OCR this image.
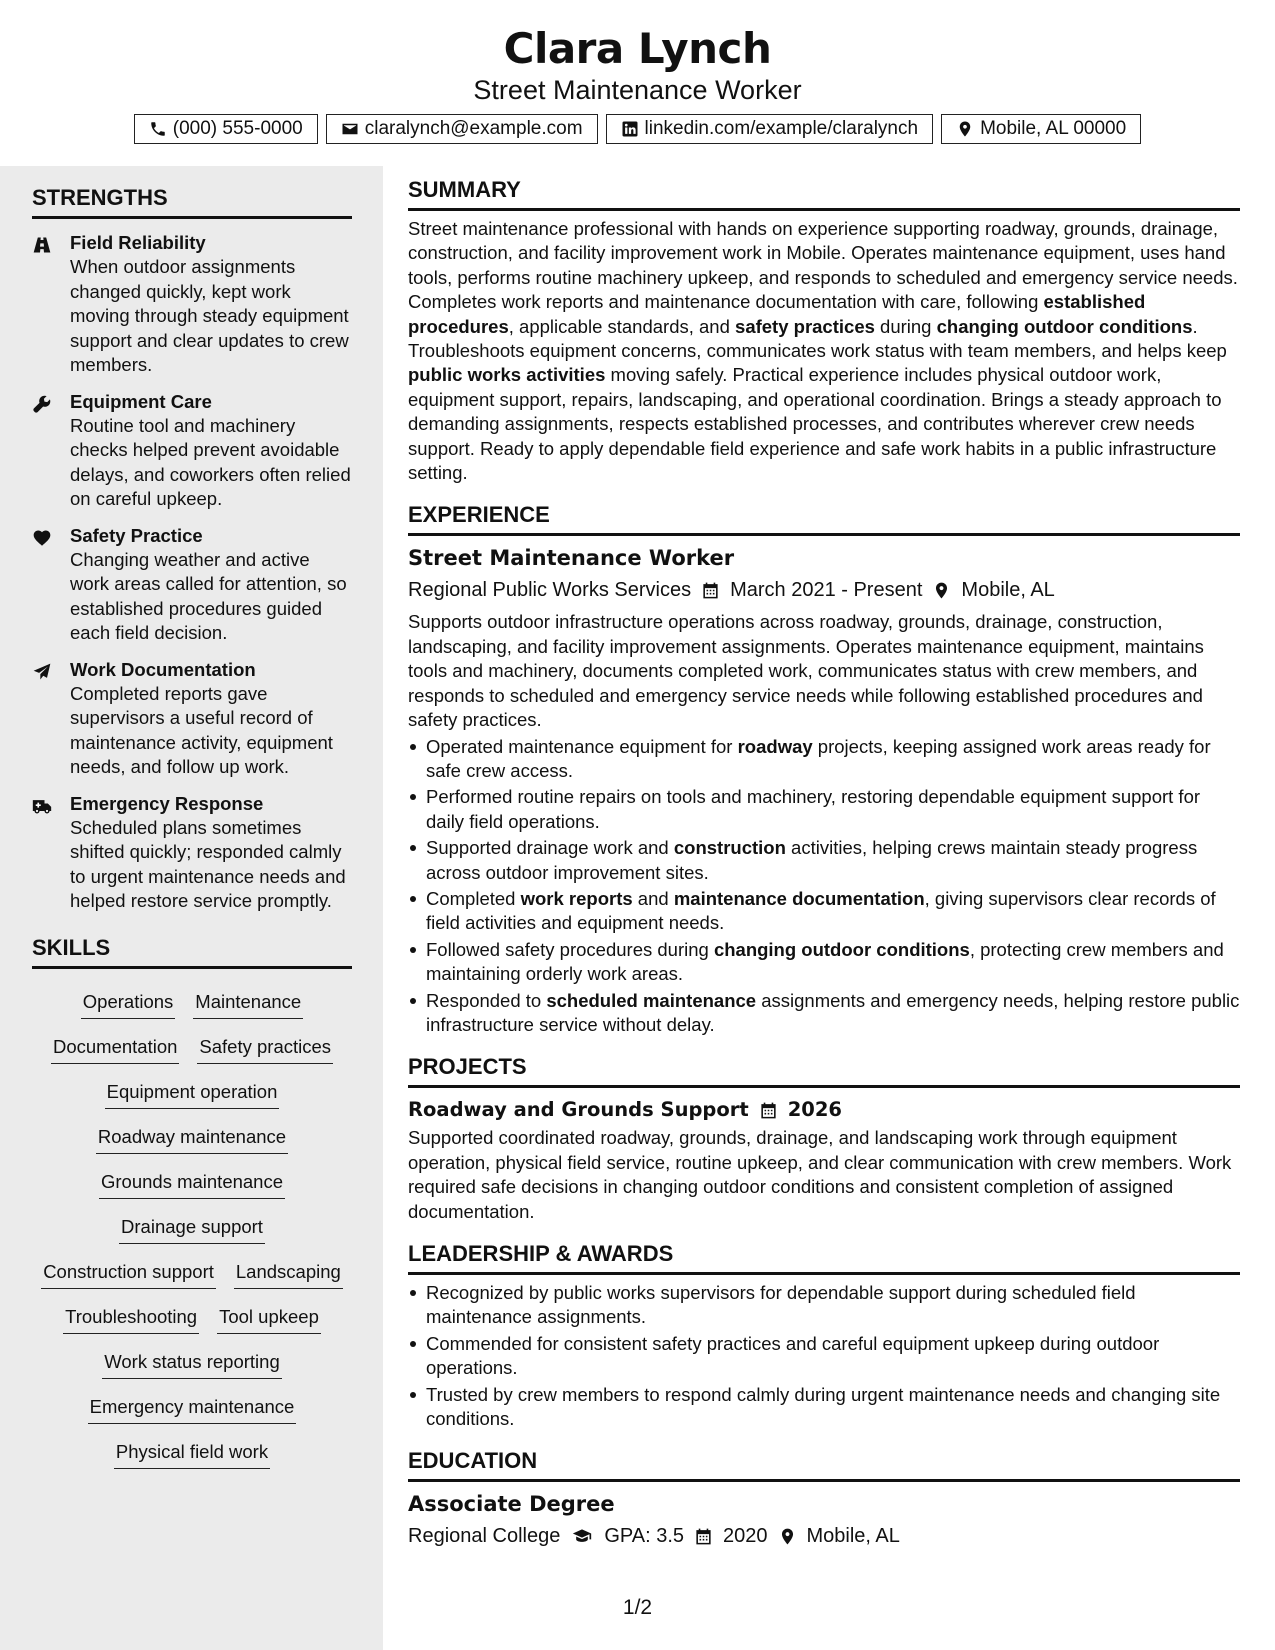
Clara Lynch
Street Maintenance Worker
(000) 555-0000	claralynch@example.com	linkedin.com/example/claralynch	Mobile, AL 00000
STRENGTHS
Field Reliability
When outdoor assignments changed quickly, kept work moving through steady equipment support and clear updates to crew members.
Equipment Care
Routine tool and machinery checks helped prevent avoidable delays, and coworkers often relied on careful upkeep.
Safety Practice
Changing weather and active work areas called for attention, so established procedures guided each field decision.
Work Documentation
Completed reports gave supervisors a useful record of maintenance activity, equipment needs, and follow up work.
Emergency Response
Scheduled plans sometimes shifted quickly; responded calmly to urgent maintenance needs and helped restore service promptly.
SKILLS
Operations Maintenance
Documentation Safety practices
Equipment operation
Roadway maintenance
Grounds maintenance
Drainage support
Construction support Landscaping
Troubleshooting Tool upkeep
Work status reporting
Emergency maintenance
Physical field work
SUMMARY
Street maintenance professional with hands on experience supporting roadway, grounds, drainage, construction, and facility improvement work in Mobile. Operates maintenance equipment, uses hand tools, performs routine machinery upkeep, and responds to scheduled and emergency service needs. Completes work reports and maintenance documentation with care, following established procedures, applicable standards, and safety practices during changing outdoor conditions. Troubleshoots equipment concerns, communicates work status with team members, and helps keep public works activities moving safely. Practical experience includes physical outdoor work, equipment support, repairs, landscaping, and operational coordination. Brings a steady approach to demanding assignments, respects established processes, and contributes wherever crew needs support. Ready to apply dependable field experience and safe work habits in a public infrastructure setting.
EXPERIENCE
Street Maintenance Worker
Regional Public Works Services March 2021 - Present Mobile, AL
Supports outdoor infrastructure operations across roadway, grounds, drainage, construction, landscaping, and facility improvement assignments. Operates maintenance equipment, maintains tools and machinery, documents completed work, communicates status with crew members, and responds to scheduled and emergency service needs while following established procedures and safety practices.
Operated maintenance equipment for roadway projects, keeping assigned work areas ready for safe crew access.
Performed routine repairs on tools and machinery, restoring dependable equipment support for daily field operations.
Supported drainage work and construction activities, helping crews maintain steady progress across outdoor improvement sites.
Completed work reports and maintenance documentation, giving supervisors clear records of field activities and equipment needs.
Followed safety procedures during changing outdoor conditions, protecting crew members and maintaining orderly work areas.
Responded to scheduled maintenance assignments and emergency needs, helping restore public infrastructure service without delay.
PROJECTS
Roadway and Grounds Support 2026
Supported coordinated roadway, grounds, drainage, and landscaping work through equipment operation, physical field service, routine upkeep, and clear communication with crew members. Work required safe decisions in changing outdoor conditions and consistent completion of assigned documentation.
LEADERSHIP & AWARDS
Recognized by public works supervisors for dependable support during scheduled field maintenance assignments.
Commended for consistent safety practices and careful equipment upkeep during outdoor operations.
Trusted by crew members to respond calmly during urgent maintenance needs and changing site conditions.
EDUCATION
Associate Degree
Regional College GPA: 3.5 2020 Mobile, AL
1/2
